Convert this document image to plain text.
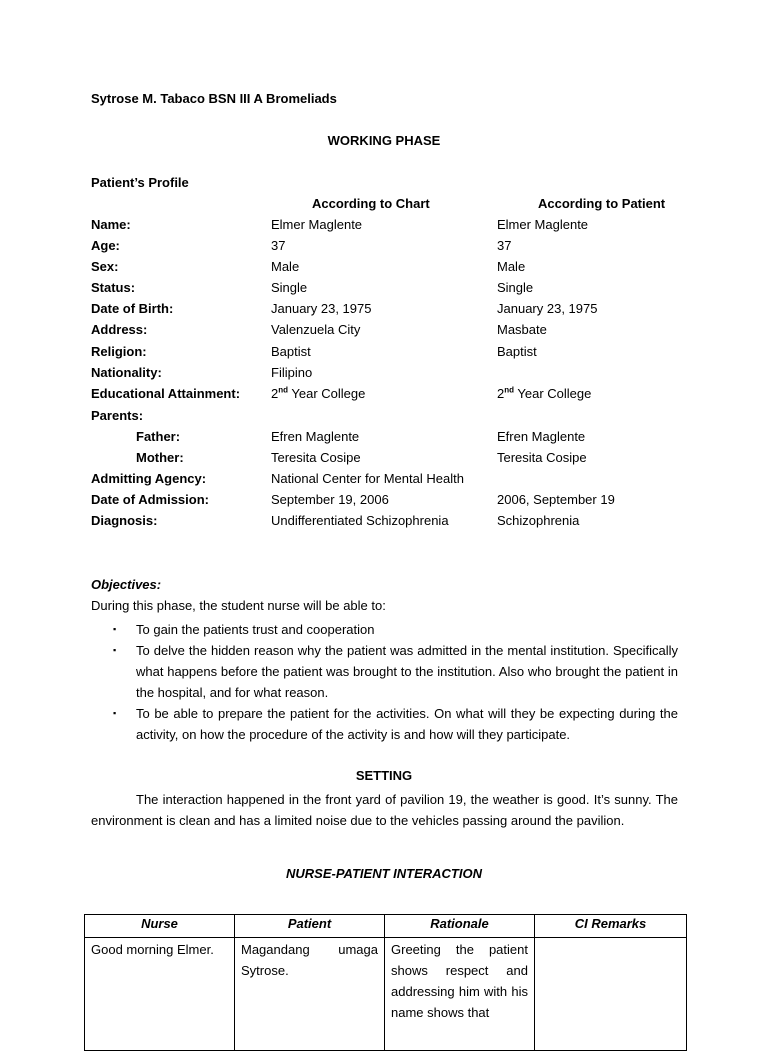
Sytrose M. Tabaco BSN III A Bromeliads
WORKING PHASE
Patient’s Profile
According to Chart	According to Patient
Name:	Elmer Maglente	Elmer Maglente
Age:	37	37
Sex:	Male	Male
Status:	Single	Single
Date of Birth:	January 23, 1975	January 23, 1975
Address:	Valenzuela City	Masbate
Religion:	Baptist	Baptist
Nationality:	Filipino
Educational Attainment: 2nd Year College	2nd Year College
Parents:
Father:	Efren Maglente	Efren Maglente
Mother:	Teresita Cosipe	Teresita Cosipe
Admitting Agency:	National Center for Mental Health
Date of Admission:	September 19, 2006	2006, September 19
Diagnosis:	Undifferentiated Schizophrenia	Schizophrenia
Objectives:
During this phase, the student nurse will be able to:
▪ To gain the patients trust and cooperation
▪ To delve the hidden reason why the patient was admitted in the mental institution. Specifically what happens before the patient was brought to the institution. Also who brought the patient in the hospital, and for what reason.
▪ To be able to prepare the patient for the activities. On what will they be expecting during the activity, on how the procedure of the activity is and how will they participate.
SETTING
The interaction happened in the front yard of pavilion 19, the weather is good. It’s sunny. The environment is clean and has a limited noise due to the vehicles passing around the pavilion.
NURSE-PATIENT INTERACTION
Nurse	Patient	Rationale	CI Remarks
Good morning Elmer.	Magandang umaga Sytrose.	Greeting the patient shows respect and addressing him with his name shows that	
